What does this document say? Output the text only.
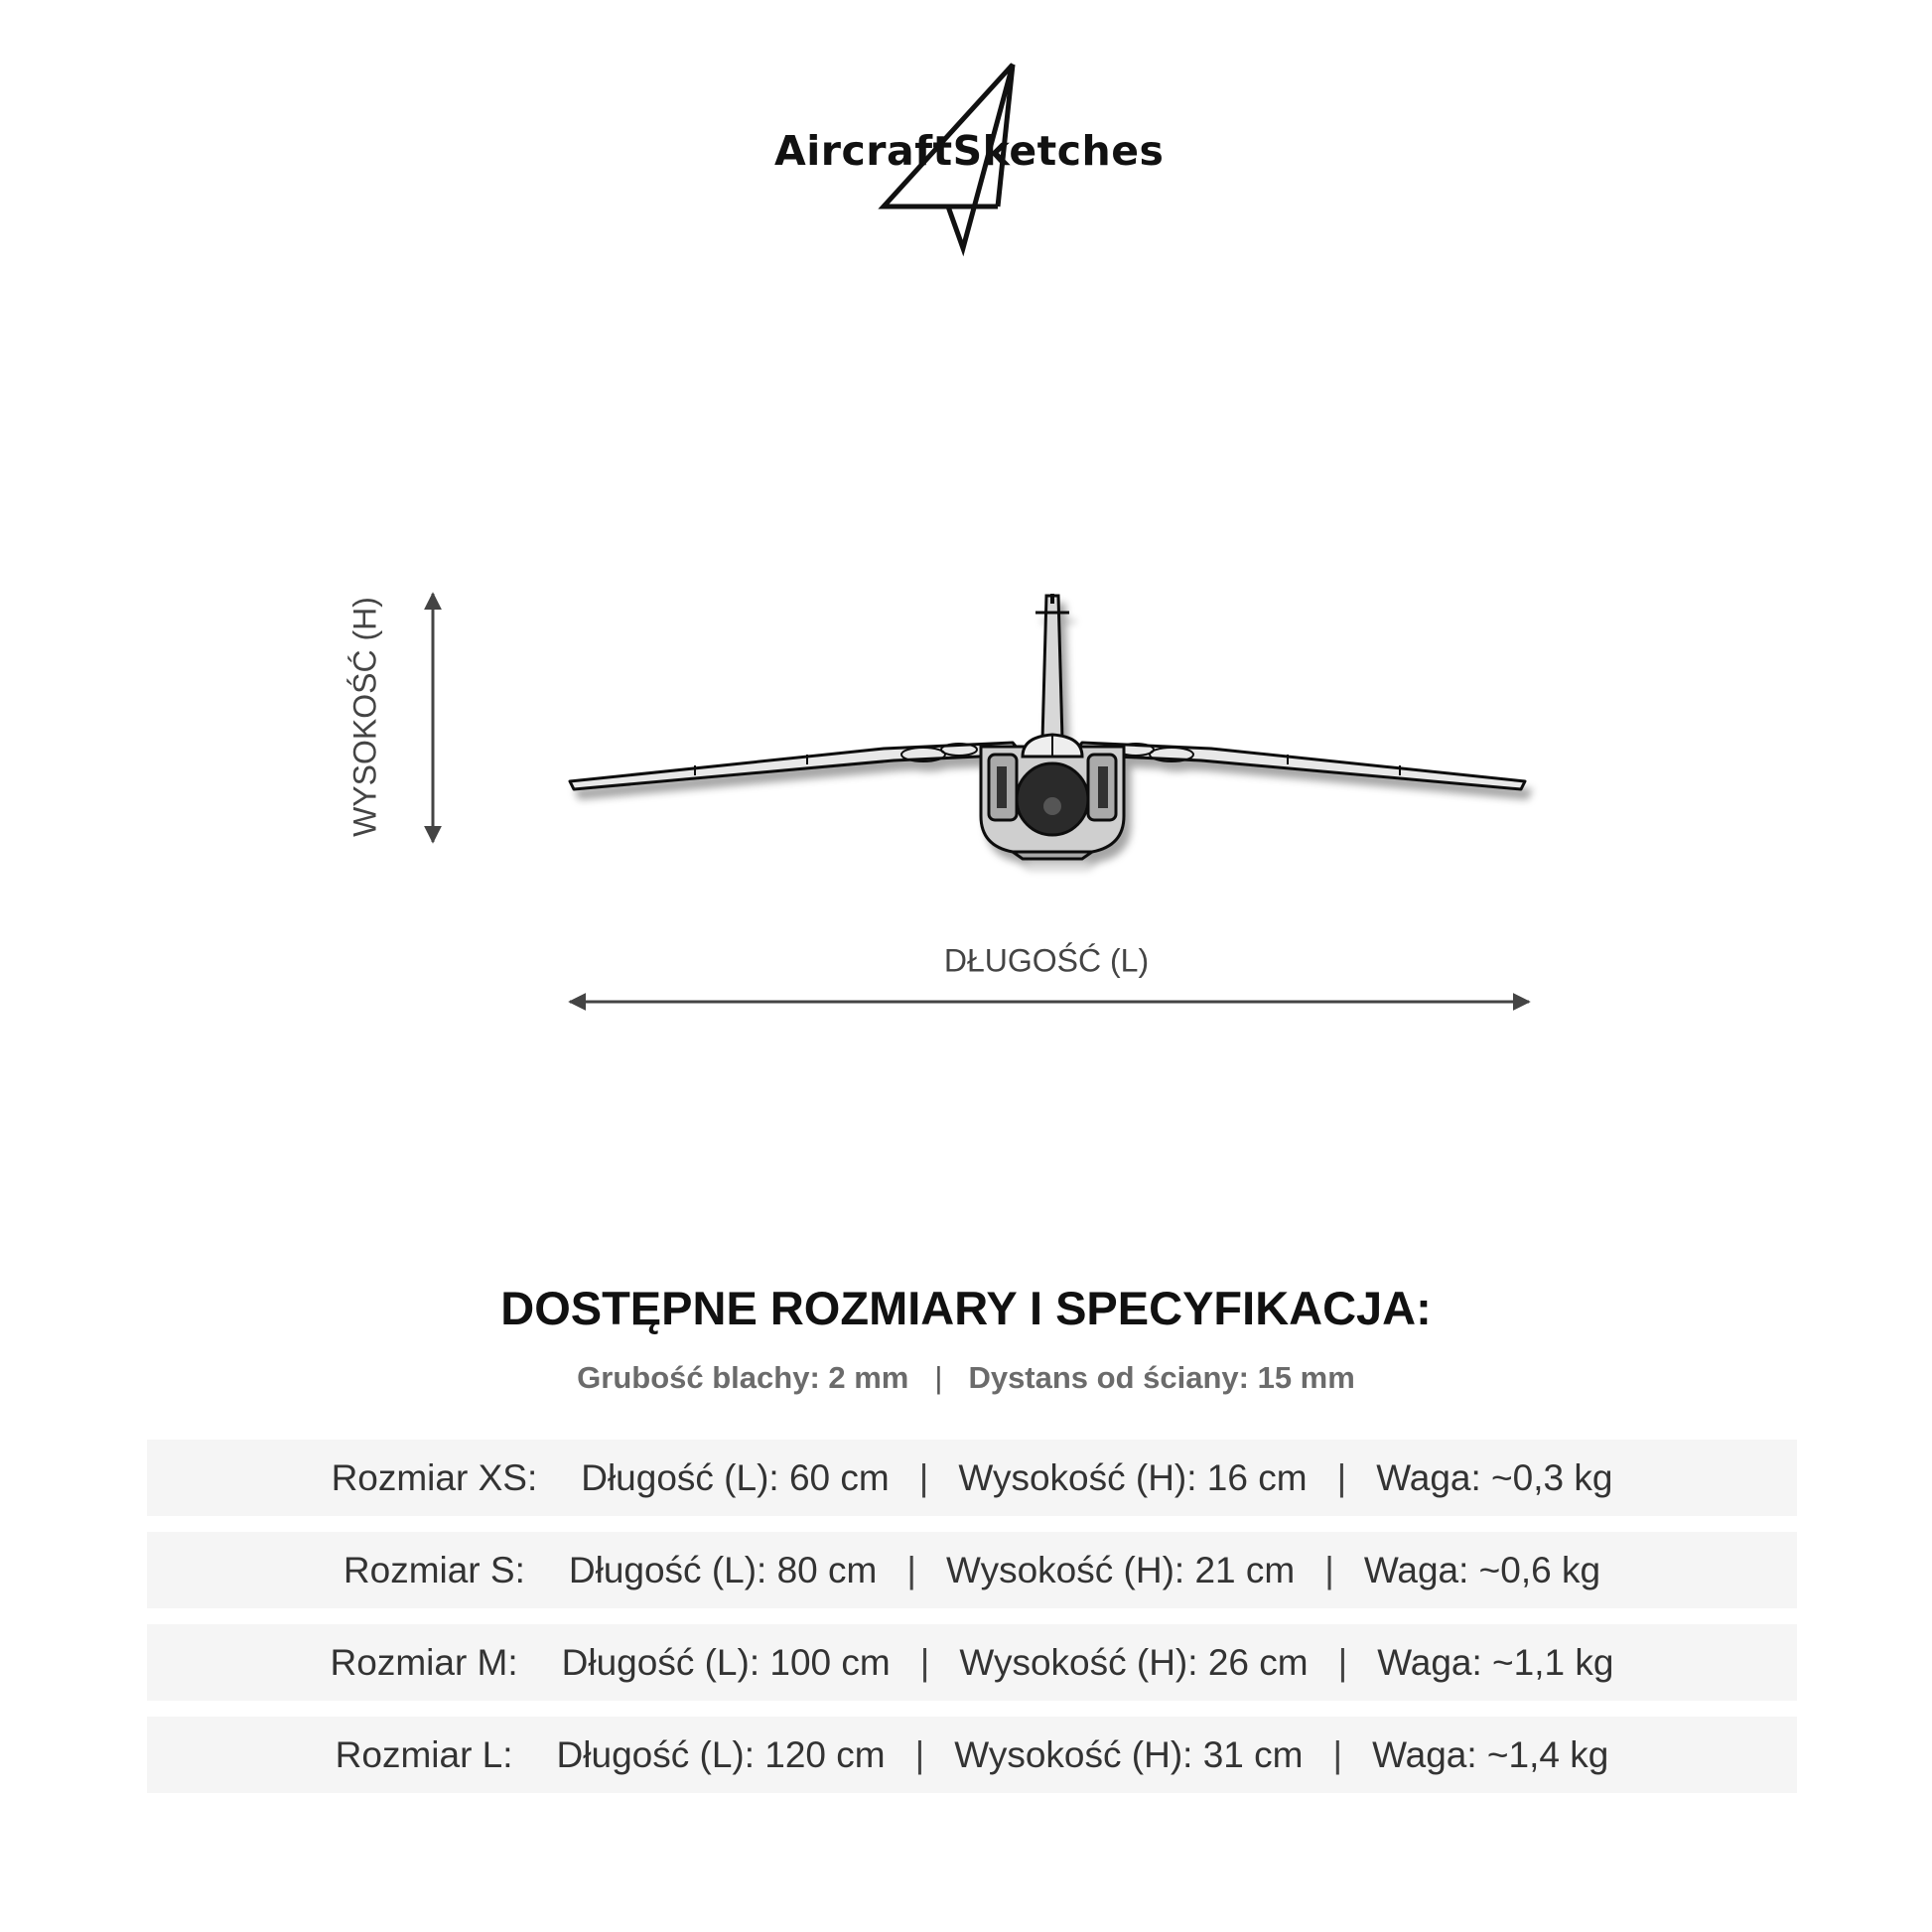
AircraftSketches
WYSOKOŚĆ (H)
DŁUGOŚĆ (L)
DOSTĘPNE ROZMIARY I SPECYFIKACJA:
Grubość blachy: 2 mm | Dystans od ściany: 15 mm
Rozmiar XS: Długość (L): 60 cm | Wysokość (H): 16 cm | Waga: ~0,3 kg
Rozmiar S: Długość (L): 80 cm | Wysokość (H): 21 cm | Waga: ~0,6 kg
Rozmiar M: Długość (L): 100 cm | Wysokość (H): 26 cm | Waga: ~1,1 kg
Rozmiar L: Długość (L): 120 cm | Wysokość (H): 31 cm | Waga: ~1,4 kg
